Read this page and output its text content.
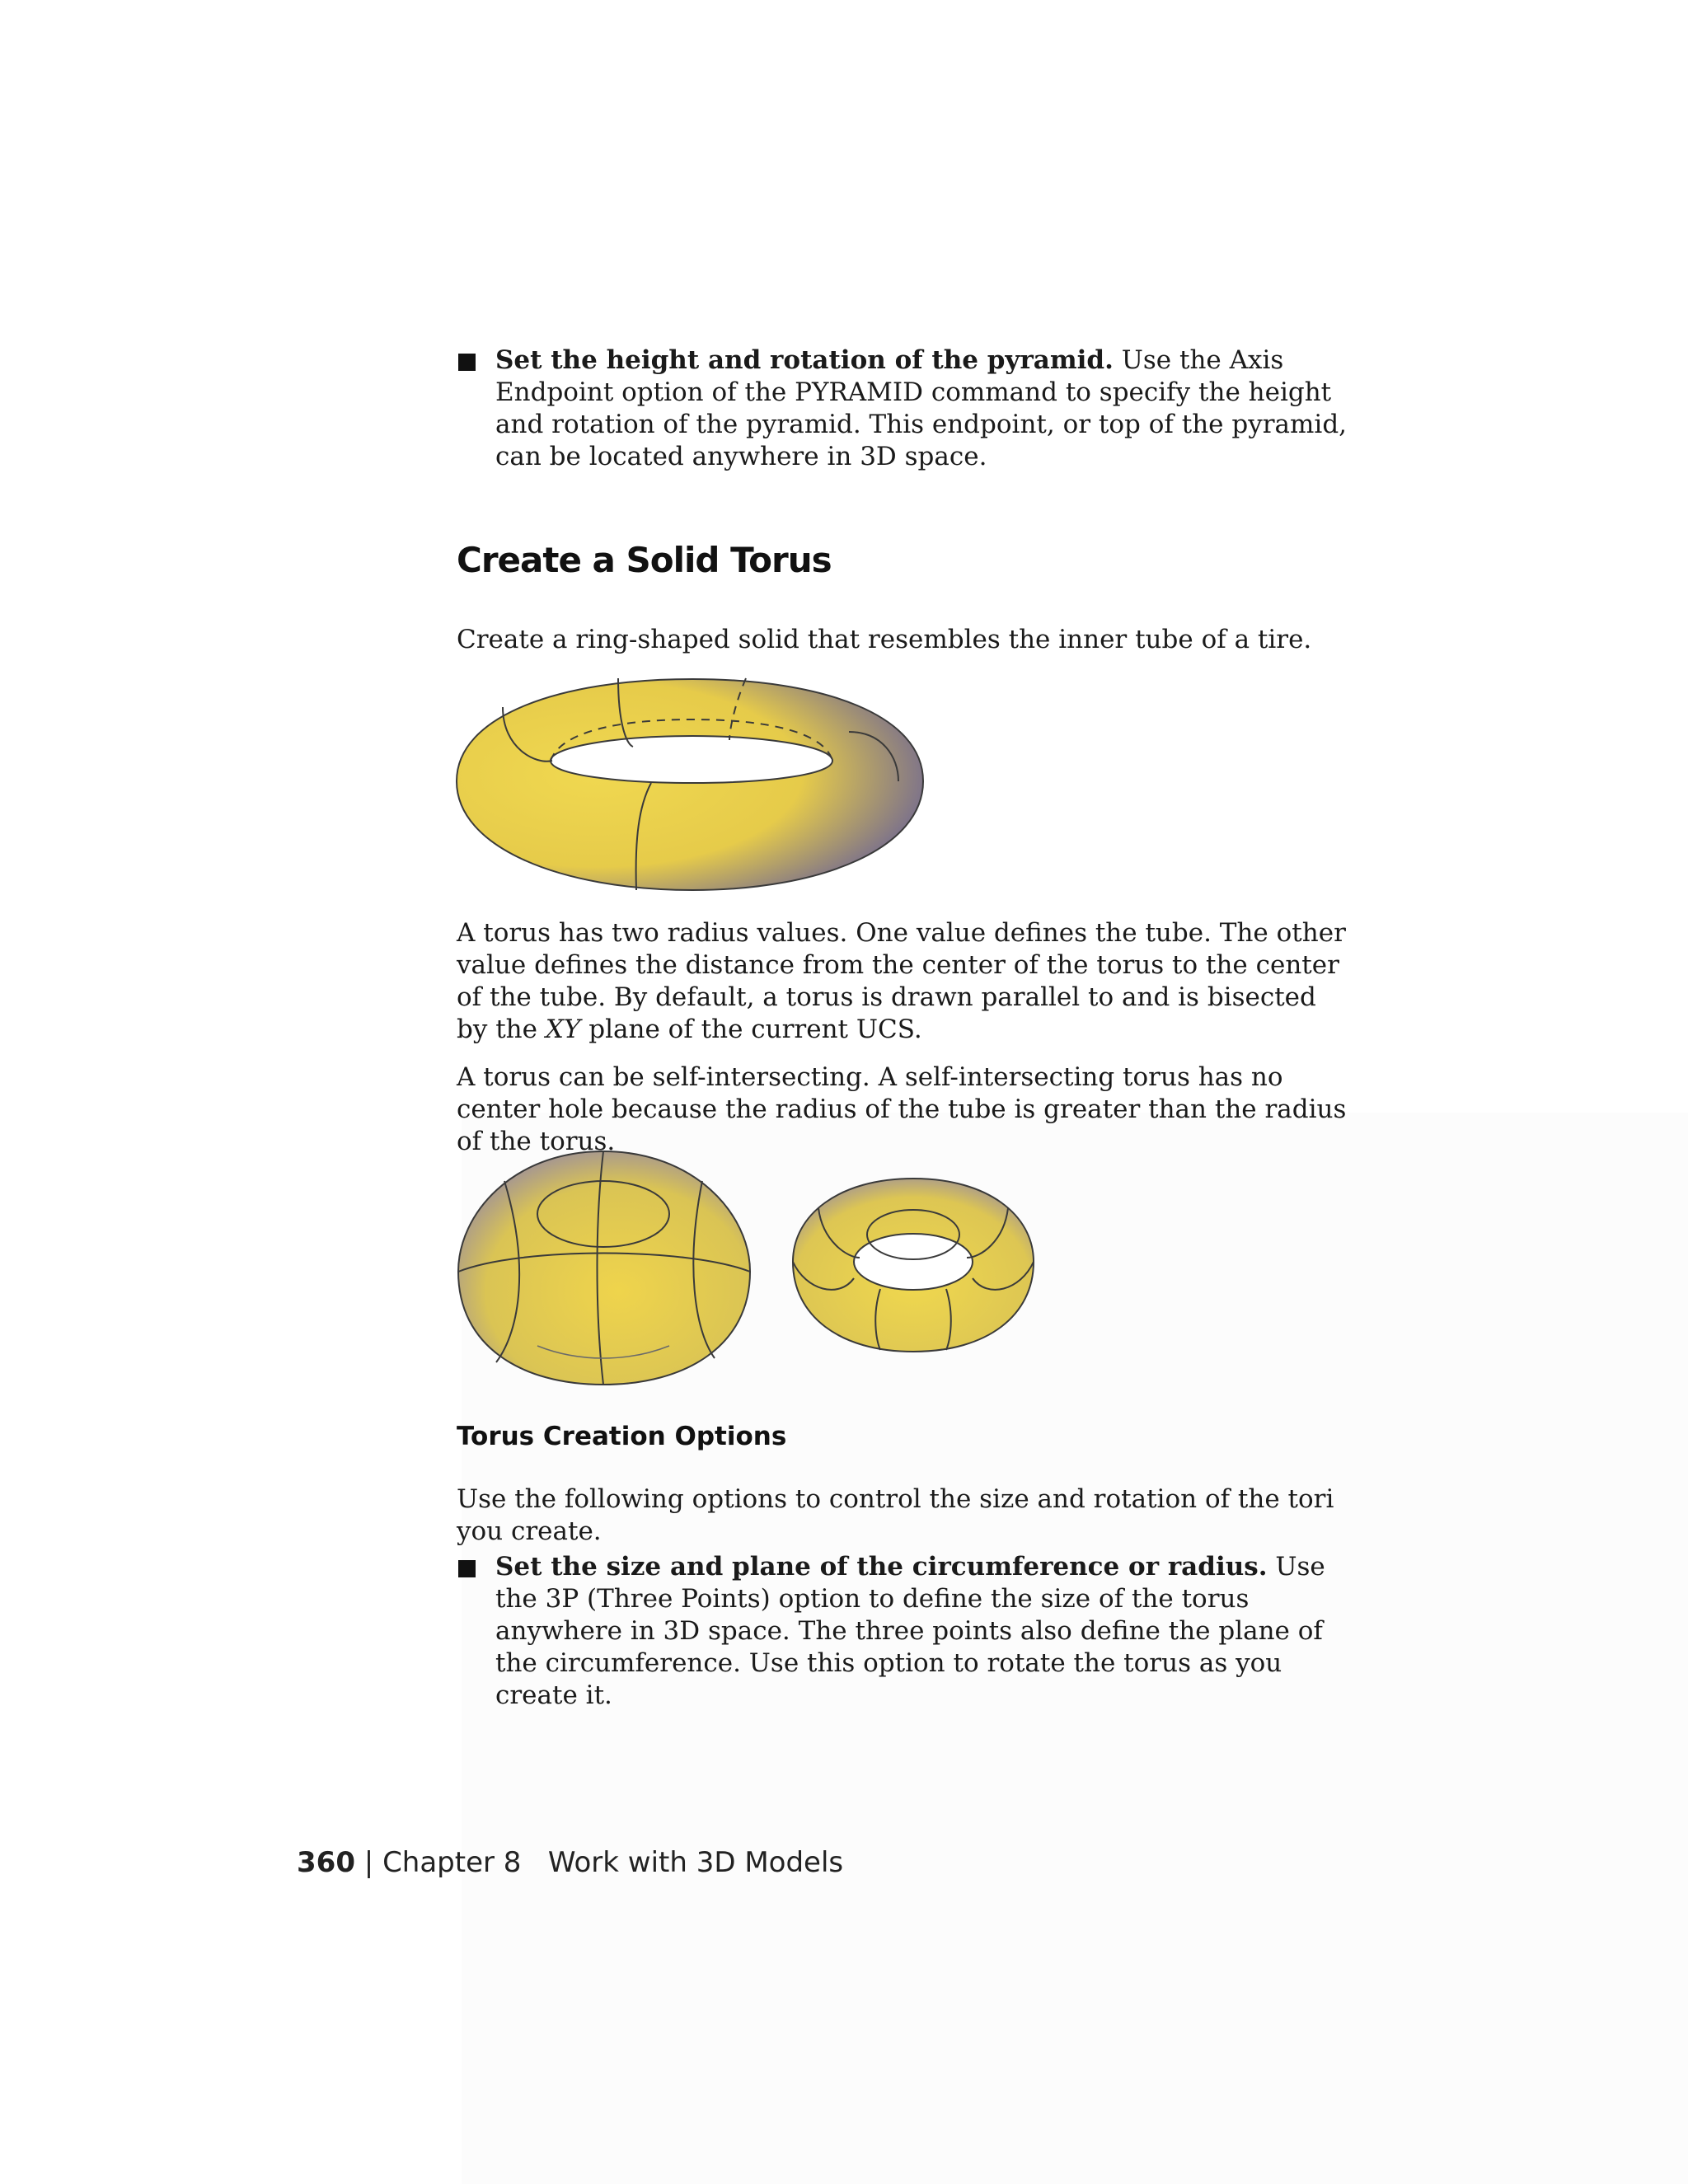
Set the height and rotation of the pyramid. Use the Axis Endpoint option of the PYRAMID command to specify the height and rotation of the pyramid. This endpoint, or top of the pyramid, can be located anywhere in 3D space.
Create a Solid Torus

Create a ring-shaped solid that resembles the inner tube of a tire.

A torus has two radius values. One value defines the tube. The other value defines the distance from the center of the torus to the center of the tube. By default, a torus is drawn parallel to and is bisected by the XY plane of the current UCS.

A torus can be self-intersecting. A self-intersecting torus has no center hole because the radius of the tube is greater than the radius of the torus.

Torus Creation Options

Use the following options to control the size and rotation of the tori you create.

Set the size and plane of the circumference or radius. Use the 3P (Three Points) option to define the size of the torus anywhere in 3D space. The three points also define the plane of the circumference. Use this option to rotate the torus as you create it.
360 | Chapter 8 Work with 3D Models
